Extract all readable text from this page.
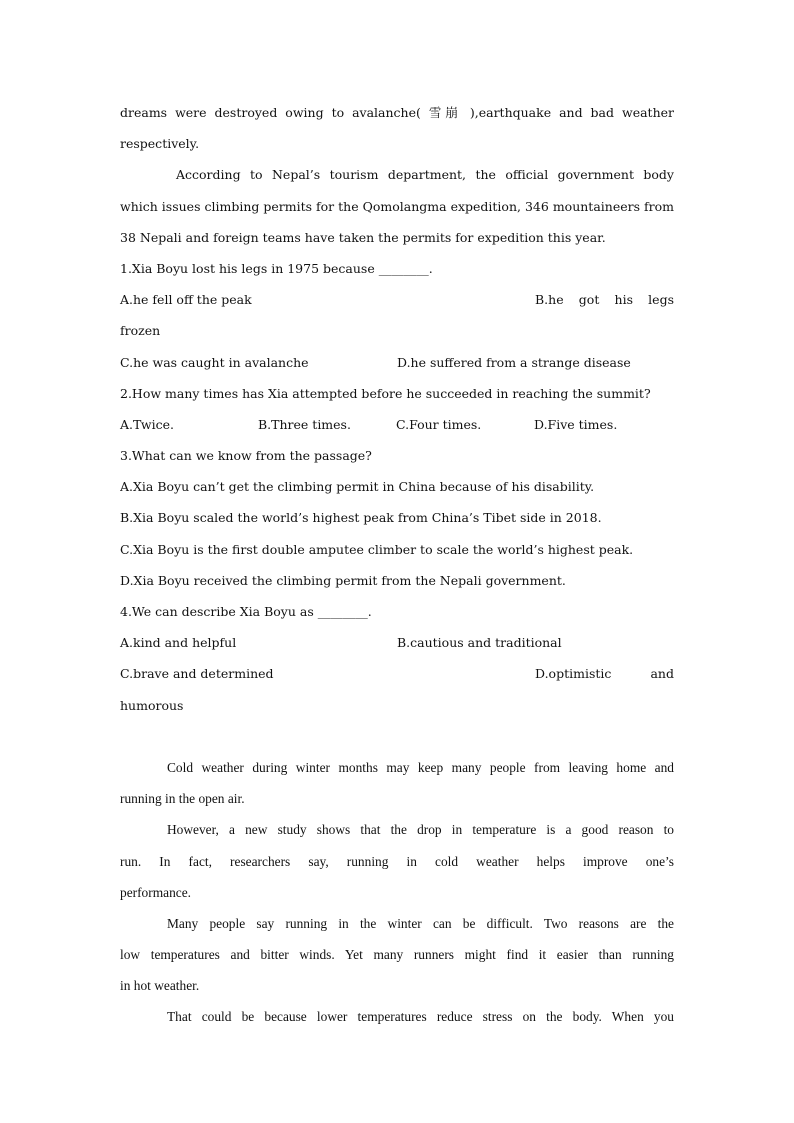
dreams were destroyed owing to avalanche( 雪崩 ),earthquake and bad weather
respectively.
According to Nepal’s tourism department, the official government body
which issues climbing permits for the Qomolangma expedition, 346 mountaineers from
38 Nepali and foreign teams have taken the permits for expedition this year.
1.Xia Boyu lost his legs in 1975 because ________.
A.he fell off the peak	B.he got his legs
frozen
C.he was caught in avalanche	D.he suffered from a strange disease
2.How many times has Xia attempted before he succeeded in reaching the summit?
A.Twice.	B.Three times.	C.Four times.	D.Five times.
3.What can we know from the passage?
A.Xia Boyu can’t get the climbing permit in China because of his disability.
B.Xia Boyu scaled the world’s highest peak from China’s Tibet side in 2018.
C.Xia Boyu is the first double amputee climber to scale the world’s highest peak.
D.Xia Boyu received the climbing permit from the Nepali government.
4.We can describe Xia Boyu as ________.
A.kind and helpful	B.cautious and traditional
C.brave and determined	D.optimistic and
humorous
Cold weather during winter months may keep many people from leaving home and
running in the open air.
However, a new study shows that the drop in temperature is a good reason to
run. In fact, researchers say, running in cold weather helps improve one’s
performance.
Many people say running in the winter can be difficult. Two reasons are the
low temperatures and bitter winds. Yet many runners might find it easier than running
in hot weather.
That could be because lower temperatures reduce stress on the body. When you
